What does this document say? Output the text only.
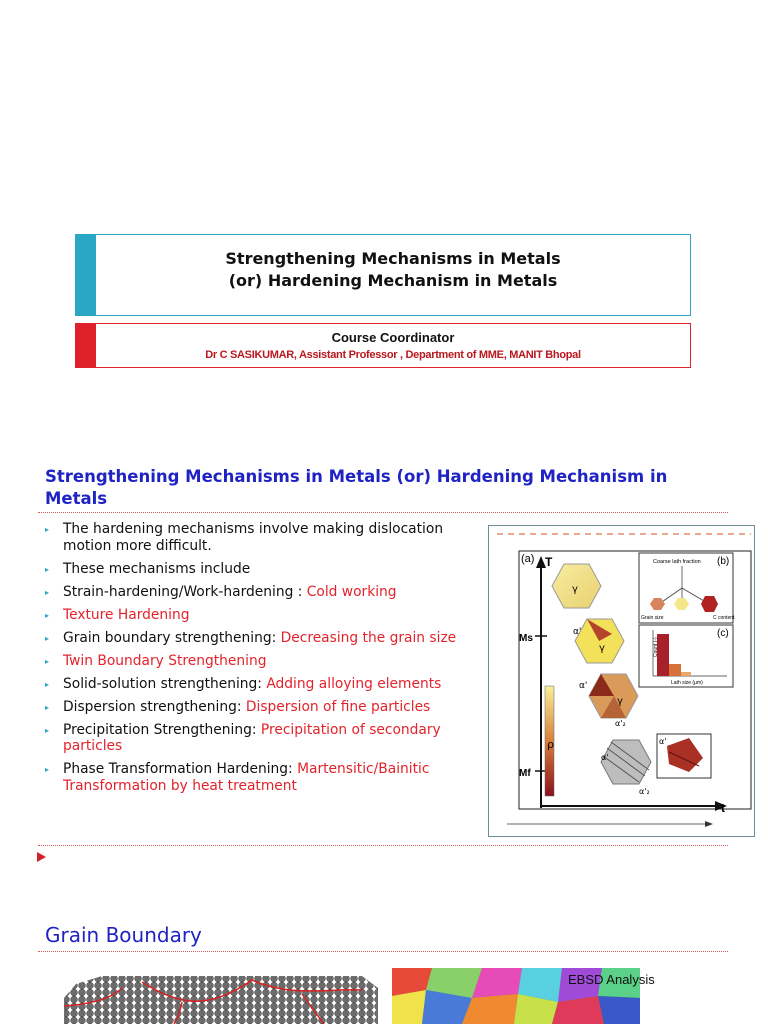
Strengthening Mechanisms in Metals
(or) Hardening Mechanism in Metals
Course Coordinator
Dr C SASIKUMAR, Assistant Professor , Department of MME, MANIT Bhopal
Strengthening Mechanisms in Metals (or) Hardening Mechanism in Metals
▸ The hardening mechanisms involve making dislocation motion more difficult.
▸ These mechanisms include
▸ Strain-hardening/Work-hardening : Cold working
▸ Texture Hardening
▸ Grain boundary strengthening: Decreasing the grain size
▸ Twin Boundary Strengthening
▸ Solid-solution strengthening: Adding alloying elements
▸ Dispersion strengthening: Dispersion of fine particles
▸ Precipitation Strengthening: Precipitation of secondary particles
▸ Phase Transformation Hardening: Martensitic/Bainitic Transformation by heat treatment
(a) T
t
Ms
Mf
ρ
γ
γ
α'
γ
α'
α'₂
α'
α'₂
α'
(b)
Coarse lath fraction
Grain size	C content
(c)
Count (-)
Lath size (μm)
Grain Boundary
EBSD Analysis
